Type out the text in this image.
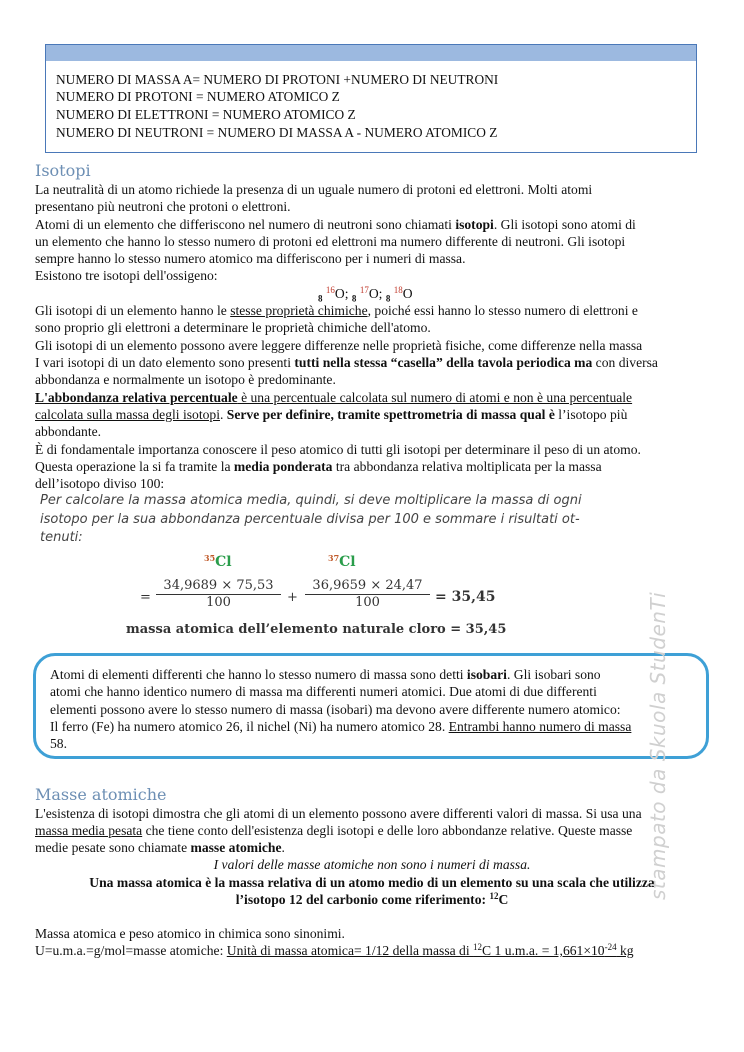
NUMERO DI MASSA A= NUMERO DI PROTONI +NUMERO DI NEUTRONI
NUMERO DI PROTONI = NUMERO ATOMICO Z
NUMERO DI ELETTRONI = NUMERO ATOMICO Z
NUMERO DI NEUTRONI = NUMERO DI MASSA A - NUMERO ATOMICO Z
Isotopi
La neutralità di un atomo richiede la presenza di un uguale numero di protoni ed elettroni. Molti atomi
presentano più neutroni che protoni o elettroni.
Atomi di un elemento che differiscono nel numero di neutroni sono chiamati isotopi. Gli isotopi sono atomi di
un elemento che hanno lo stesso numero di protoni ed elettroni ma numero differente di neutroni. Gli isotopi
sempre hanno lo stesso numero atomico ma differiscono per i numeri di massa.
Esistono tre isotopi dell'ossigeno:
$_8$ $^{16}$O; $_8$ $^{17}$O; $_8$ $^{18}$O
Gli isotopi di un elemento hanno le stesse proprietà chimiche, poiché essi hanno lo stesso numero di elettroni e
sono proprio gli elettroni a determinare le proprietà chimiche dell'atomo.
Gli isotopi di un elemento possono avere leggere differenze nelle proprietà fisiche, come differenze nella massa
I vari isotopi di un dato elemento sono presenti tutti nella stessa “casella” della tavola periodica ma con diversa
abbondanza e normalmente un isotopo è predominante.
L'abbondanza relativa percentuale è una percentuale calcolata sul numero di atomi e non è una percentuale
calcolata sulla massa degli isotopi. Serve per definire, tramite spettrometria di massa qual è l’isotopo più
abbondante.
È di fondamentale importanza conoscere il peso atomico di tutti gli isotopi per determinare il peso di un atomo.
Questa operazione la si fa tramite la media ponderata tra abbondanza relativa moltiplicata per la massa
dell’isotopo diviso 100:
Per calcolare la massa atomica media, quindi, si deve moltiplicare la massa di ogni
isotopo per la sua abbondanza percentuale divisa per 100 e sommare i risultati ot-
tenuti:
$^{35}$Cl	$^{37}$Cl
= $\frac{34,9689 \times 75,53}{100} + \frac{36,9659 \times 24,47}{100} = 35,45$
massa atomica dell’elemento naturale cloro = 35,45
Atomi di elementi differenti che hanno lo stesso numero di massa sono detti isobari. Gli isobari sono
atomi che hanno identico numero di massa ma differenti numeri atomici. Due atomi di due differenti
elementi possono avere lo stesso numero di massa (isobari) ma devono avere differente numero atomico:
Il ferro (Fe) ha numero atomico 26, il nichel (Ni) ha numero atomico 28. Entrambi hanno numero di massa
58.
Masse atomiche
L'esistenza di isotopi dimostra che gli atomi di un elemento possono avere differenti valori di massa. Si usa una
massa media pesata che tiene conto dell'esistenza degli isotopi e delle loro abbondanze relative. Queste masse
medie pesate sono chiamate masse atomiche.
I valori delle masse atomiche non sono i numeri di massa.
Una massa atomica è la massa relativa di un atomo medio di un elemento su una scala che utilizza
l’isotopo 12 del carbonio come riferimento: $^{12}$C
Massa atomica e peso atomico in chimica sono sinonimi.
U=u.m.a.=g/mol=masse atomiche: Unità di massa atomica= 1/12 della massa di $^{12}$C 1 u.m.a. = $1,661\times 10^{-24}$ kg
stampato da Skuola StudenTi
